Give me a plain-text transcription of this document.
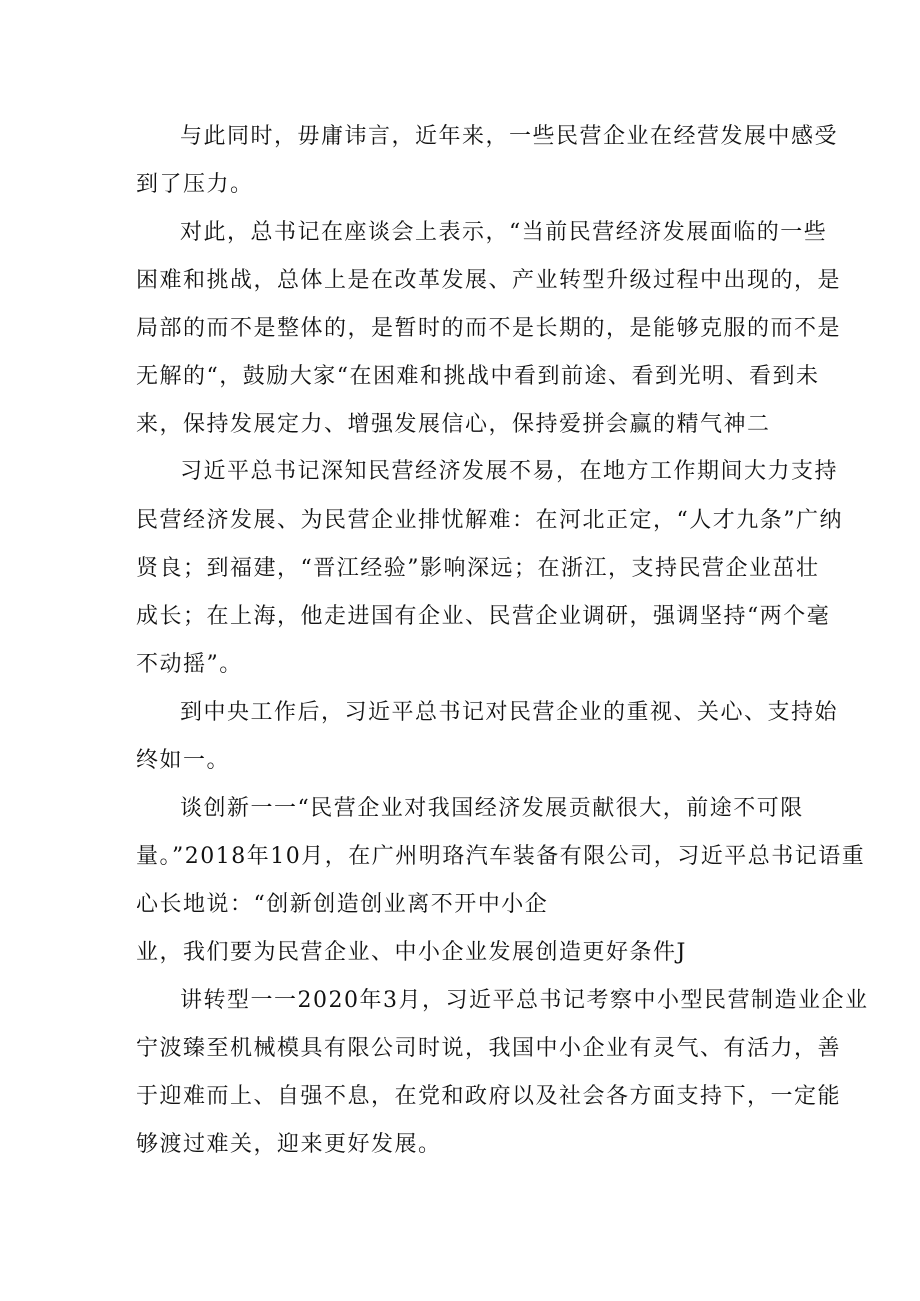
与此同时，毋庸讳言，近年来，一些民营企业在经营发展中感受

到了压力。

对此，总书记在座谈会上表示，“当前民营经济发展面临的一些

困难和挑战，总体上是在改革发展、产业转型升级过程中出现的，是

局部的而不是整体的，是暂时的而不是长期的，是能够克服的而不是

无解的“，鼓励大家“在困难和挑战中看到前途、看到光明、看到未

来，保持发展定力、增强发展信心，保持爱拼会赢的精气神二

习近平总书记深知民营经济发展不易，在地方工作期间大力支持

民营经济发展、为民营企业排忧解难：在河北正定，“人才九条”广纳

贤良；到福建，“晋江经验”影响深远；在浙江，支持民营企业茁壮

成长；在上海，他走进国有企业、民营企业调研，强调坚持“两个毫

不动摇”。

到中央工作后，习近平总书记对民营企业的重视、关心、支持始

终如一。

谈创新一一“民营企业对我国经济发展贡献很大，前途不可限

量。”2018年10月，在广州明珞汽车装备有限公司，习近平总书记语重

心长地说：“创新创造创业离不开中小企

业，我们要为民营企业、中小企业发展创造更好条件J

讲转型一一2020年3月，习近平总书记考察中小型民营制造业企业

宁波臻至机械模具有限公司时说，我国中小企业有灵气、有活力，善

于迎难而上、自强不息，在党和政府以及社会各方面支持下，一定能

够渡过难关，迎来更好发展。
